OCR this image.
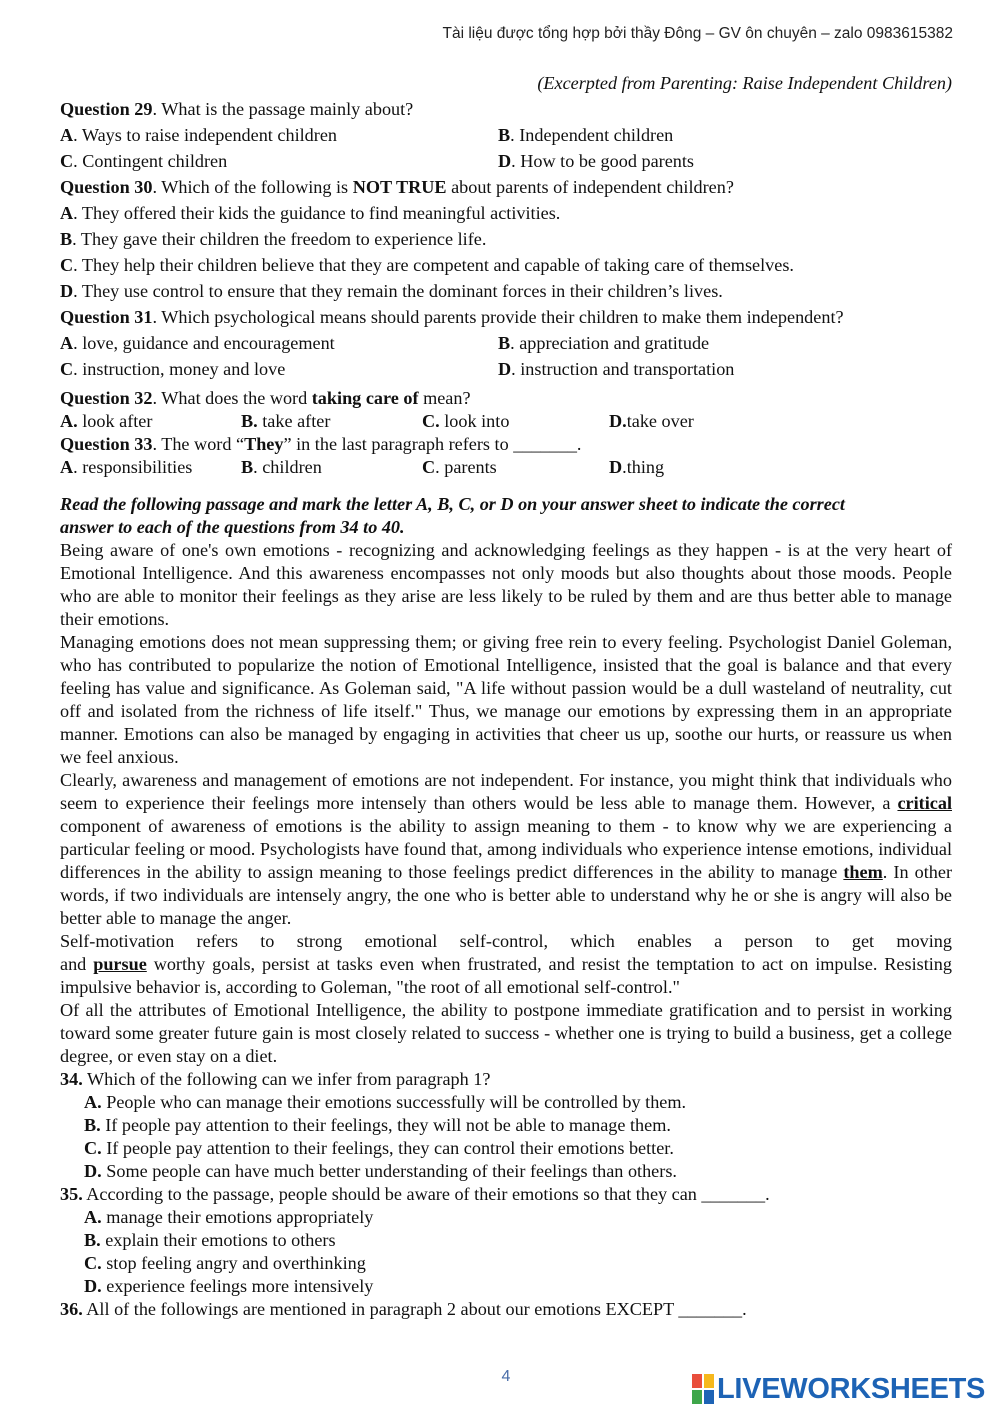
Tài liệu được tổng hợp bởi thầy Đông – GV ôn chuyên – zalo 0983615382
(Excerpted from Parenting: Raise Independent Children)
Question 29. What is the passage mainly about?
A. Ways to raise independent children	B. Independent children
C. Contingent children	D. How to be good parents
Question 30. Which of the following is NOT TRUE about parents of independent children?
A. They offered their kids the guidance to find meaningful activities.
B. They gave their children the freedom to experience life.
C. They help their children believe that they are competent and capable of taking care of themselves.
D. They use control to ensure that they remain the dominant forces in their children’s lives.
Question 31. Which psychological means should parents provide their children to make them independent?
A. love, guidance and encouragement	B. appreciation and gratitude
C. instruction, money and love	D. instruction and transportation
Question 32. What does the word taking care of mean?
A. look after	B. take after	C. look into	D.take over
Question 33. The word “They” in the last paragraph refers to _______.
A. responsibilities	B. children	C. parents	D.thing
Read the following passage and mark the letter A, B, C, or D on your answer sheet to indicate the correct
answer to each of the questions from 34 to 40.
Being aware of one's own emotions - recognizing and acknowledging feelings as they happen - is at the very heart of Emotional Intelligence. And this awareness encompasses not only moods but also thoughts about those moods. People who are able to monitor their feelings as they arise are less likely to be ruled by them and are thus better able to manage their emotions.
Managing emotions does not mean suppressing them; or giving free rein to every feeling. Psychologist Daniel Goleman, who has contributed to popularize the notion of Emotional Intelligence, insisted that the goal is balance and that every feeling has value and significance. As Goleman said, "A life without passion would be a dull wasteland of neutrality, cut off and isolated from the richness of life itself." Thus, we manage our emotions by expressing them in an appropriate manner. Emotions can also be managed by engaging in activities that cheer us up, soothe our hurts, or reassure us when we feel anxious.
Clearly, awareness and management of emotions are not independent. For instance, you might think that individuals who seem to experience their feelings more intensely than others would be less able to manage them. However, a critical component of awareness of emotions is the ability to assign meaning to them - to know why we are experiencing a particular feeling or mood. Psychologists have found that, among individuals who experience intense emotions, individual differences in the ability to assign meaning to those feelings predict differences in the ability to manage them. In other words, if two individuals are intensely angry, the one who is better able to understand why he or she is angry will also be better able to manage the anger.
Self-motivation refers to strong emotional self-control, which enables a person to get moving
and pursue worthy goals, persist at tasks even when frustrated, and resist the temptation to act on impulse. Resisting impulsive behavior is, according to Goleman, "the root of all emotional self-control."
Of all the attributes of Emotional Intelligence, the ability to postpone immediate gratification and to persist in working toward some greater future gain is most closely related to success - whether one is trying to build a business, get a college degree, or even stay on a diet.
34. Which of the following can we infer from paragraph 1?
A. People who can manage their emotions successfully will be controlled by them.
B. If people pay attention to their feelings, they will not be able to manage them.
C. If people pay attention to their feelings, they can control their emotions better.
D. Some people can have much better understanding of their feelings than others.
35. According to the passage, people should be aware of their emotions so that they can _______.
A. manage their emotions appropriately
B. explain their emotions to others
C. stop feeling angry and overthinking
D. experience feelings more intensively
36. All of the followings are mentioned in paragraph 2 about our emotions EXCEPT _______.
4	LIVEWORKSHEETS
